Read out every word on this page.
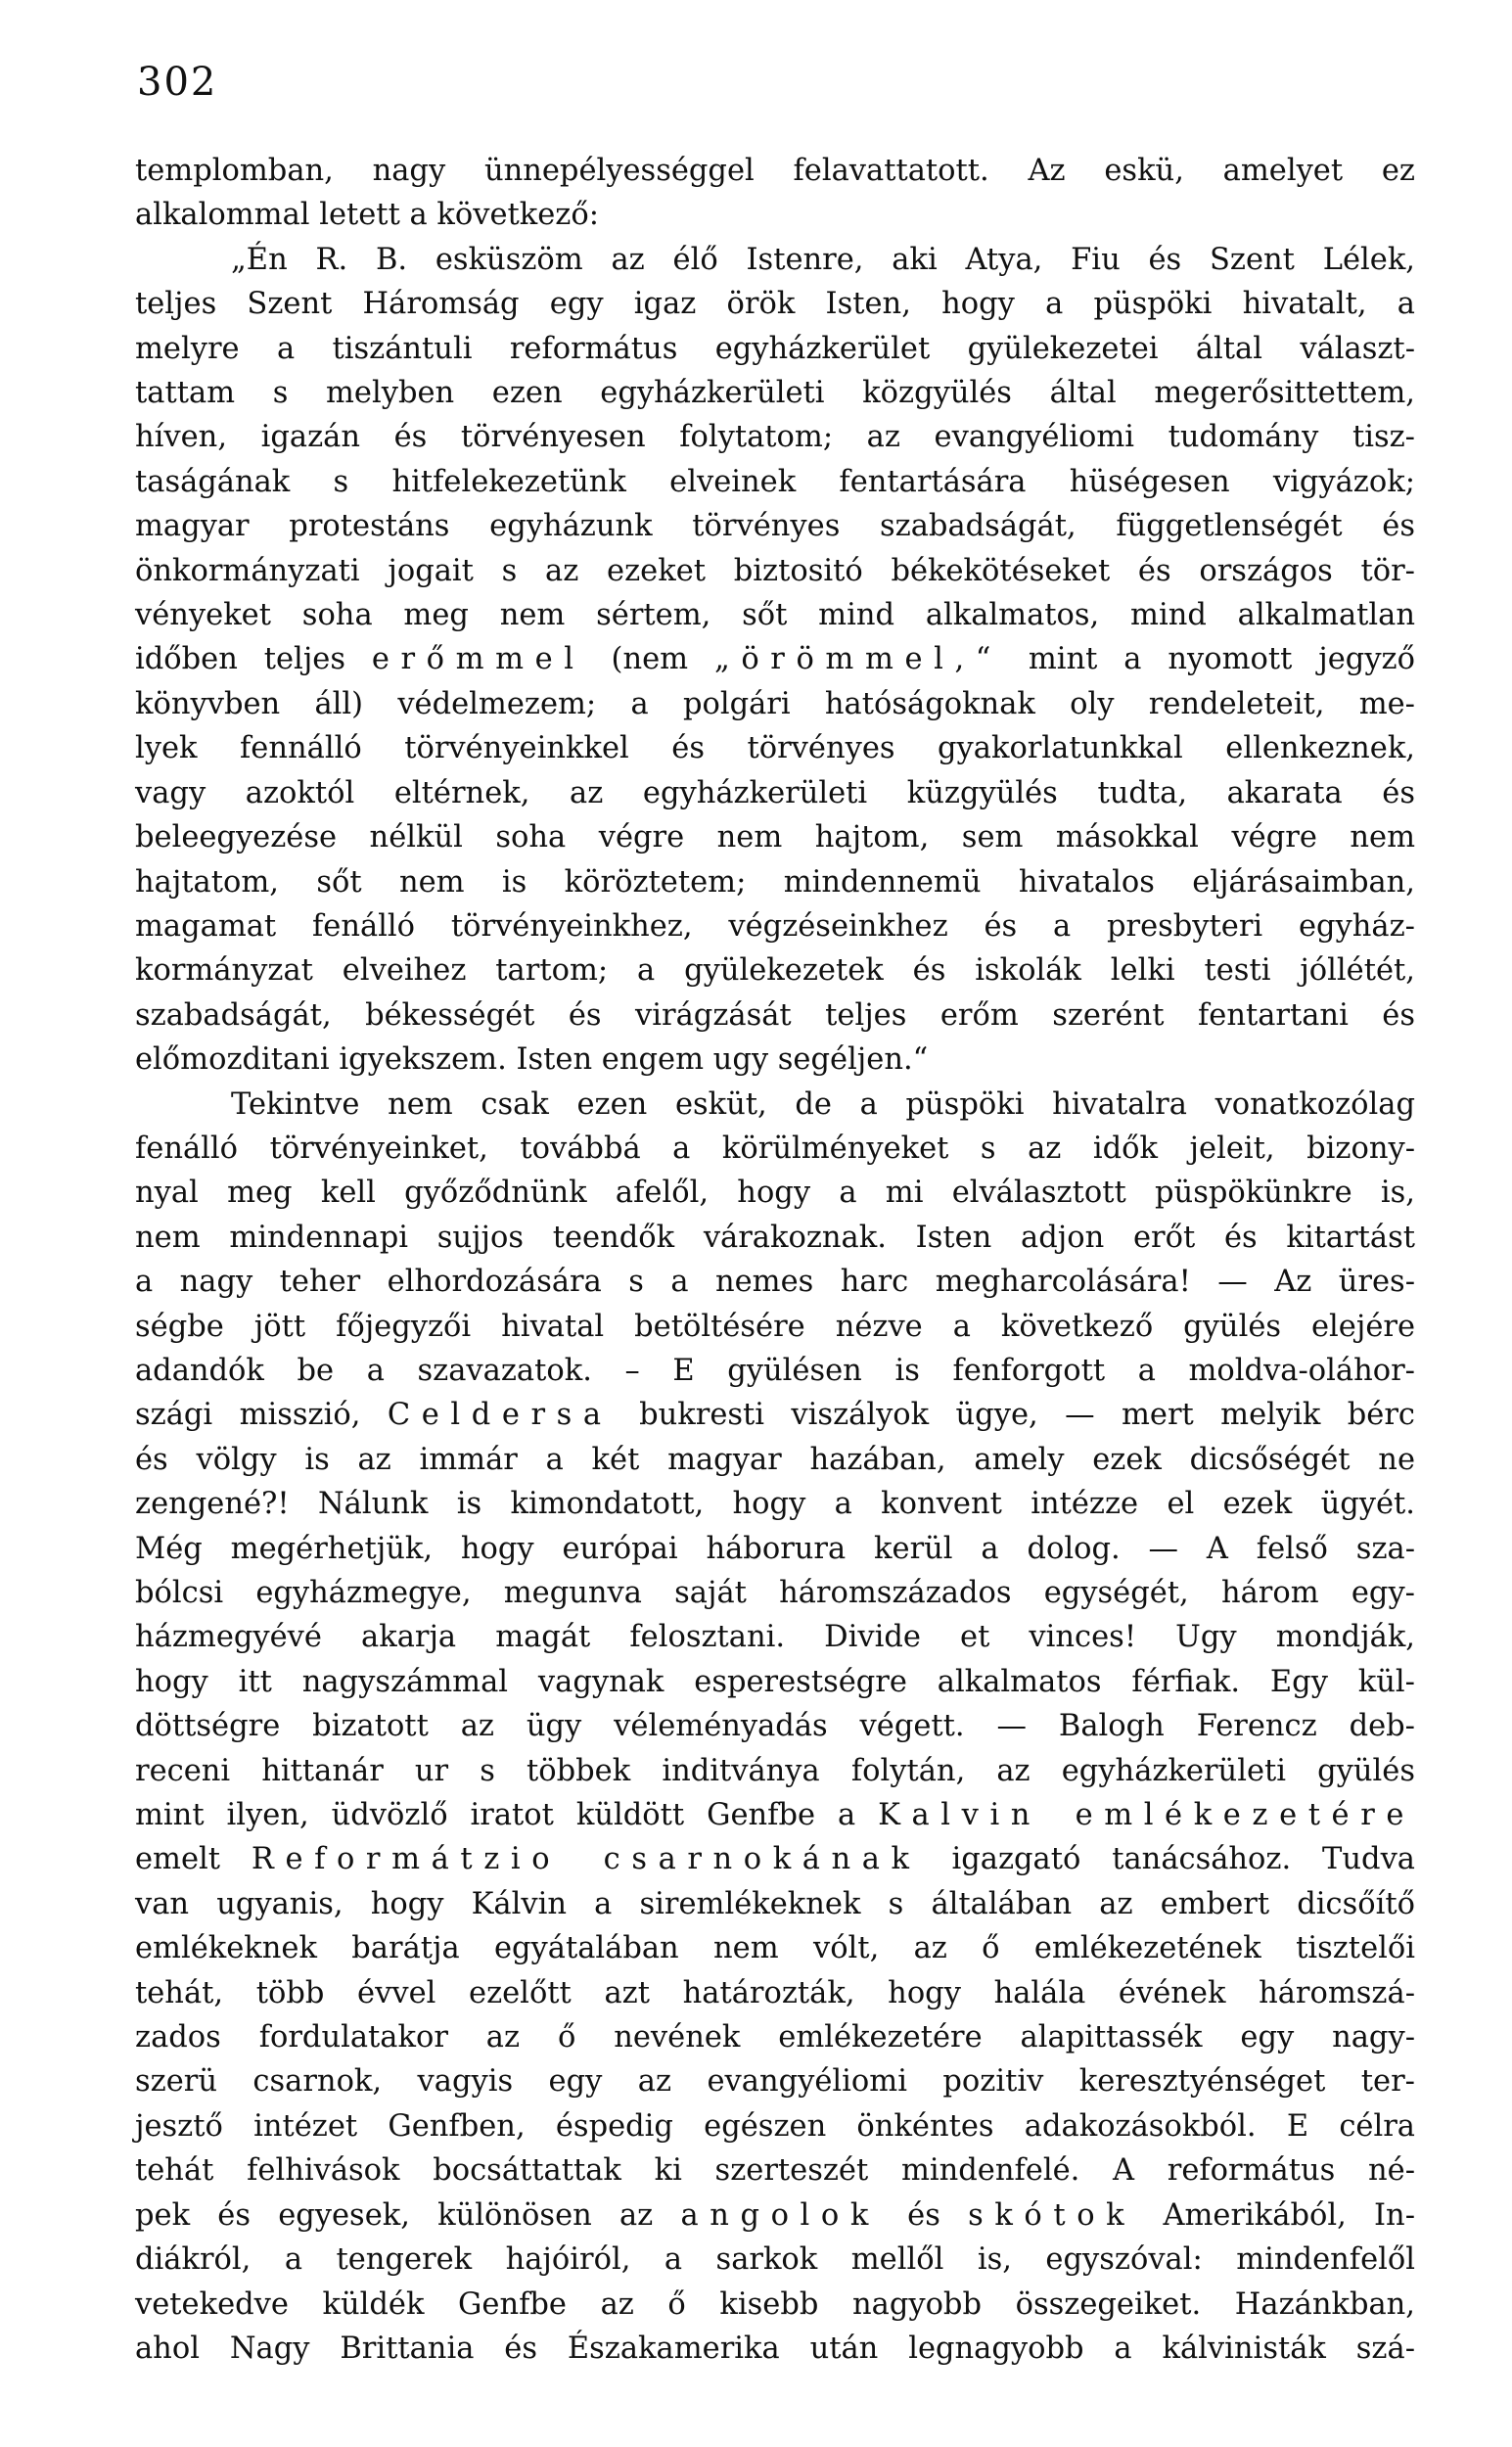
302
templomban, nagy ünnepélyességgel felavattatott. Az eskü, amelyet ez
alkalommal letett a következő:
„Én R. B. esküszöm az élő Istenre, aki Atya, Fiu és Szent Lélek,
teljes Szent Háromság egy igaz örök Isten, hogy a püspöki hivatalt, a
melyre a tiszántuli református egyházkerület gyülekezetei által választ-
tattam s melyben ezen egyházkerületi közgyülés által megerősittettem,
híven, igazán és törvényesen folytatom; az evangyéliomi tudomány tisz-
taságának s hitfelekezetünk elveinek fentartására hüségesen vigyázok;
magyar protestáns egyházunk törvényes szabadságát, függetlenségét és
önkormányzati jogait s az ezeket biztositó békekötéseket és országos tör-
vényeket soha meg nem sértem, sőt mind alkalmatos, mind alkalmatlan
időben teljes erőmmel (nem „örömmel,“ mint a nyomott jegyző
könyvben áll) védelmezem; a polgári hatóságoknak oly rendeleteit, me-
lyek fennálló törvényeinkkel és törvényes gyakorlatunkkal ellenkeznek,
vagy azoktól eltérnek, az egyházkerületi küzgyülés tudta, akarata és
beleegyezése nélkül soha végre nem hajtom, sem másokkal végre nem
hajtatom, sőt nem is köröztetem; mindennemü hivatalos eljárásaimban,
magamat fenálló törvényeinkhez, végzéseinkhez és a presbyteri egyház-
kormányzat elveihez tartom; a gyülekezetek és iskolák lelki testi jóllétét,
szabadságát, békességét és virágzását teljes erőm szerént fentartani és
előmozditani igyekszem. Isten engem ugy segéljen.“
Tekintve nem csak ezen esküt, de a püspöki hivatalra vonatkozólag
fenálló törvényeinket, továbbá a körülményeket s az idők jeleit, bizony-
nyal meg kell győződnünk afelől, hogy a mi elválasztott püspökünkre is,
nem mindennapi sujjos teendők várakoznak. Isten adjon erőt és kitartást
a nagy teher elhordozására s a nemes harc megharcolására! — Az üres-
ségbe jött főjegyzői hivatal betöltésére nézve a következő gyülés elejére
adandók be a szavazatok. – E gyülésen is fenforgott a moldva-oláhor-
szági misszió, Celdersa bukresti viszályok ügye, — mert melyik bérc
és völgy is az immár a két magyar hazában, amely ezek dicsőségét ne
zengené?! Nálunk is kimondatott, hogy a konvent intézze el ezek ügyét.
Még megérhetjük, hogy európai háborura kerül a dolog. — A felső sza-
bólcsi egyházmegye, megunva saját háromszázados egységét, három egy-
házmegyévé akarja magát felosztani. Divide et vinces! Ugy mondják,
hogy itt nagyszámmal vagynak esperestségre alkalmatos férfiak. Egy kül-
döttségre bizatott az ügy véleményadás végett. — Balogh Ferencz deb-
receni hittanár ur s többek inditványa folytán, az egyházkerületi gyülés
mint ilyen, üdvözlő iratot küldött Genfbe a Kalvin emlékezetére
emelt Reformátzio csarnokának igazgató tanácsához. Tudva
van ugyanis, hogy Kálvin a siremlékeknek s általában az embert dicsőítő
emlékeknek barátja egyátalában nem vólt, az ő emlékezetének tisztelői
tehát, több évvel ezelőtt azt határozták, hogy halála évének háromszá-
zados fordulatakor az ő nevének emlékezetére alapittassék egy nagy-
szerü csarnok, vagyis egy az evangyéliomi pozitiv keresztyénséget ter-
jesztő intézet Genfben, éspedig egészen önkéntes adakozásokból. E célra
tehát felhivások bocsáttattak ki szerteszét mindenfelé. A református né-
pek és egyesek, különösen az angolok és skótok Amerikából, In-
diákról, a tengerek hajóiról, a sarkok mellől is, egyszóval: mindenfelől
vetekedve küldék Genfbe az ő kisebb nagyobb összegeiket. Hazánkban,
ahol Nagy Brittania és Északamerika után legnagyobb a kálvinisták szá-
